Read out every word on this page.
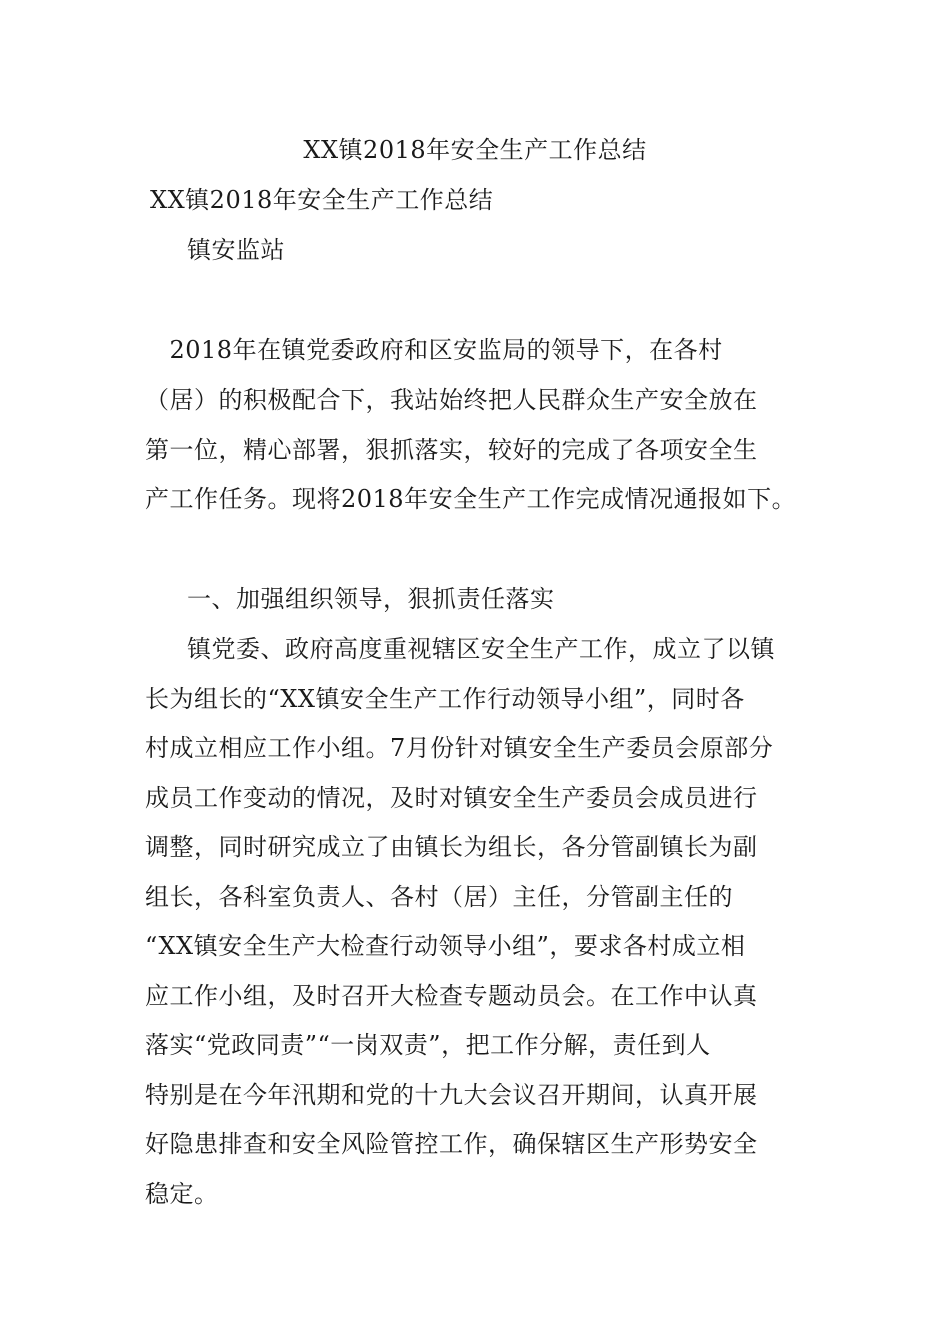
XX镇2018年安全生产工作总结
XX镇2018年安全生产工作总结
镇安监站
　2018年在镇党委政府和区安监局的领导下，在各村
（居）的积极配合下，我站始终把人民群众生产安全放在
第一位，精心部署，狠抓落实，较好的完成了各项安全生
产工作任务。现将2018年安全生产工作完成情况通报如下。
一、加强组织领导，狠抓责任落实
镇党委、政府高度重视辖区安全生产工作，成立了以镇
长为组长的“XX镇安全生产工作行动领导小组”，同时各
村成立相应工作小组。7月份针对镇安全生产委员会原部分
成员工作变动的情况，及时对镇安全生产委员会成员进行
调整，同时研究成立了由镇长为组长，各分管副镇长为副
组长，各科室负责人、各村（居）主任，分管副主任的
“XX镇安全生产大检查行动领导小组”，要求各村成立相
应工作小组，及时召开大检查专题动员会。在工作中认真
落实“党政同责”“一岗双责”，把工作分解，责任到人
特别是在今年汛期和党的十九大会议召开期间，认真开展
好隐患排查和安全风险管控工作，确保辖区生产形势安全
稳定。
